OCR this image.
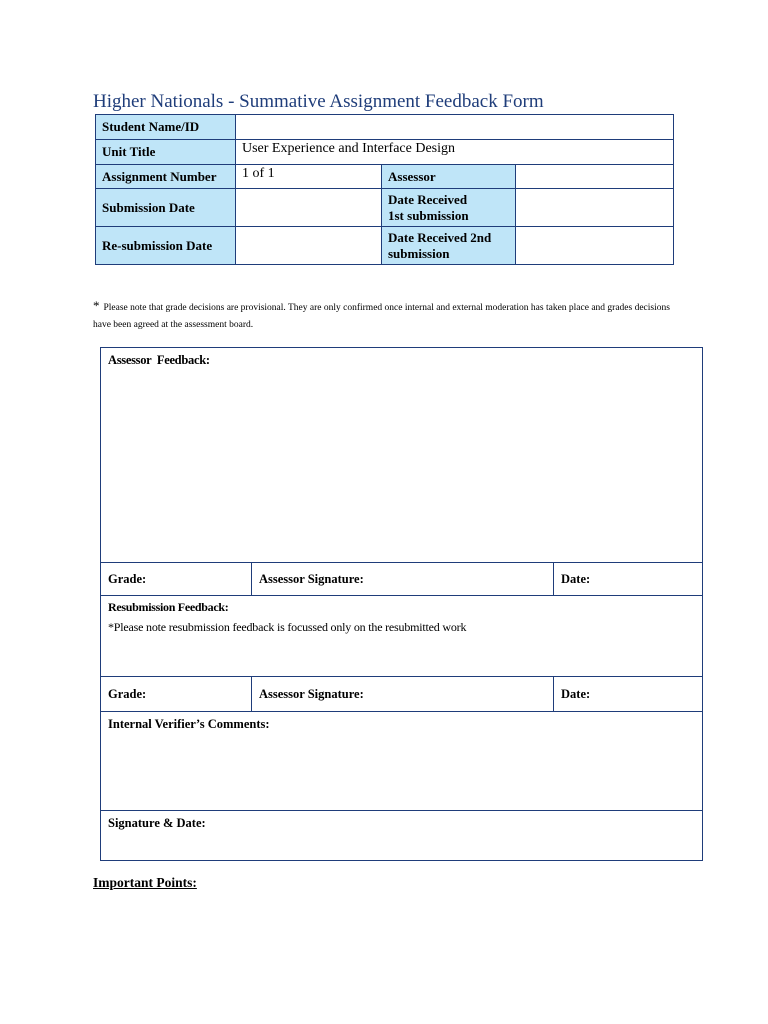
Higher Nationals - Summative Assignment Feedback Form
Student Name/ID			
Unit Title	User Experience and Interface Design		
Assignment Number	1 of 1	Assessor	
Submission Date		Date Received
1st submission	
Re-submission Date		Date Received 2nd
submission	
* Please note that grade decisions are provisional. They are only confirmed once internal and external moderation has taken place and grades decisions have been agreed at the assessment board.
Assessor  Feedback:		
Grade:	Assessor Signature:	Date:
Resubmission Feedback:
*Please note resubmission feedback is focussed only on the resubmitted work		

Grade:	Assessor Signature:	Date:
Internal Verifier’s Comments:		
Signature & Date:		
Important Points:
